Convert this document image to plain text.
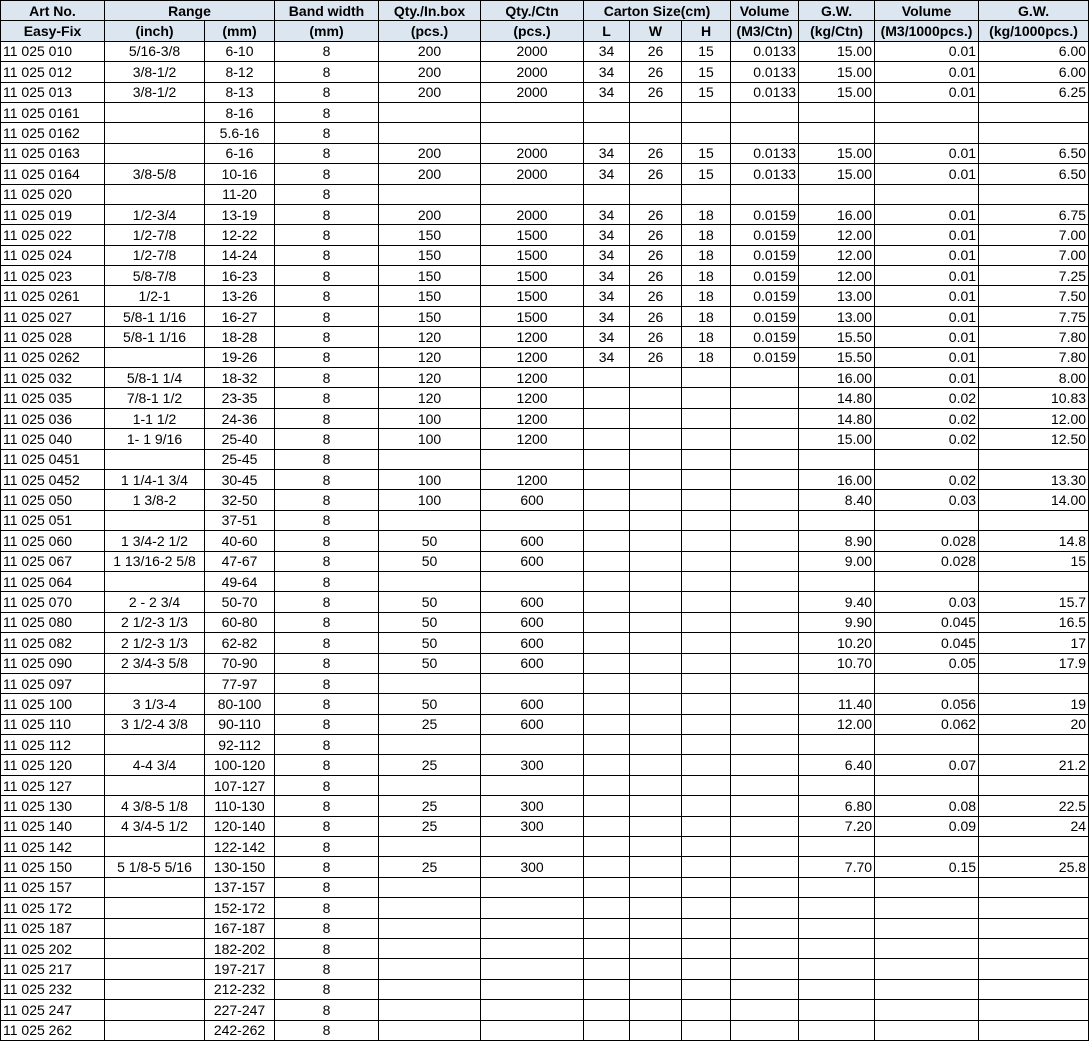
Art No.	Range		Band width	Qty./In.box	Qty./Ctn	Carton Size(cm)			Volume	G.W.	Volume	G.W.
Easy-Fix	(inch)	(mm)	(mm)	(pcs.)	(pcs.)	L	W	H	(M3/Ctn)	(kg/Ctn)	(M3/1000pcs.)	(kg/1000pcs.)
11 025 010	5/16-3/8	6-10	8	200	2000	34	26	15	0.0133	15.00	0.01	6.00
11 025 012	3/8-1/2	8-12	8	200	2000	34	26	15	0.0133	15.00	0.01	6.00
11 025 013	3/8-1/2	8-13	8	200	2000	34	26	15	0.0133	15.00	0.01	6.25
11 025 0161		8-16	8									
11 025 0162		5.6-16	8									
11 025 0163		6-16	8	200	2000	34	26	15	0.0133	15.00	0.01	6.50
11 025 0164	3/8-5/8	10-16	8	200	2000	34	26	15	0.0133	15.00	0.01	6.50
11 025 020		11-20	8									
11 025 019	1/2-3/4	13-19	8	200	2000	34	26	18	0.0159	16.00	0.01	6.75
11 025 022	1/2-7/8	12-22	8	150	1500	34	26	18	0.0159	12.00	0.01	7.00
11 025 024	1/2-7/8	14-24	8	150	1500	34	26	18	0.0159	12.00	0.01	7.00
11 025 023	5/8-7/8	16-23	8	150	1500	34	26	18	0.0159	12.00	0.01	7.25
11 025 0261	1/2-1	13-26	8	150	1500	34	26	18	0.0159	13.00	0.01	7.50
11 025 027	5/8-1 1/16	16-27	8	150	1500	34	26	18	0.0159	13.00	0.01	7.75
11 025 028	5/8-1 1/16	18-28	8	120	1200	34	26	18	0.0159	15.50	0.01	7.80
11 025 0262		19-26	8	120	1200	34	26	18	0.0159	15.50	0.01	7.80
11 025 032	5/8-1 1/4	18-32	8	120	1200					16.00	0.01	8.00
11 025 035	7/8-1 1/2	23-35	8	120	1200					14.80	0.02	10.83
11 025 036	1-1 1/2	24-36	8	100	1200					14.80	0.02	12.00
11 025 040	1- 1 9/16	25-40	8	100	1200					15.00	0.02	12.50
11 025 0451		25-45	8									
11 025 0452	1 1/4-1 3/4	30-45	8	100	1200					16.00	0.02	13.30
11 025 050	1 3/8-2	32-50	8	100	600					8.40	0.03	14.00
11 025 051		37-51	8									
11 025 060	1 3/4-2 1/2	40-60	8	50	600					8.90	0.028	14.8
11 025 067	1 13/16-2 5/8	47-67	8	50	600					9.00	0.028	15
11 025 064		49-64	8									
11 025 070	2 - 2 3/4	50-70	8	50	600					9.40	0.03	15.7
11 025 080	2 1/2-3 1/3	60-80	8	50	600					9.90	0.045	16.5
11 025 082	2 1/2-3 1/3	62-82	8	50	600					10.20	0.045	17
11 025 090	2 3/4-3 5/8	70-90	8	50	600					10.70	0.05	17.9
11 025 097		77-97	8									
11 025 100	3 1/3-4	80-100	8	50	600					11.40	0.056	19
11 025 110	3 1/2-4 3/8	90-110	8	25	600					12.00	0.062	20
11 025 112		92-112	8									
11 025 120	4-4 3/4	100-120	8	25	300					6.40	0.07	21.2
11 025 127		107-127	8									
11 025 130	4 3/8-5 1/8	110-130	8	25	300					6.80	0.08	22.5
11 025 140	4 3/4-5 1/2	120-140	8	25	300					7.20	0.09	24
11 025 142		122-142	8									
11 025 150	5 1/8-5 5/16	130-150	8	25	300					7.70	0.15	25.8
11 025 157		137-157	8									
11 025 172		152-172	8									
11 025 187		167-187	8									
11 025 202		182-202	8									
11 025 217		197-217	8									
11 025 232		212-232	8									
11 025 247		227-247	8									
11 025 262		242-262	8									
